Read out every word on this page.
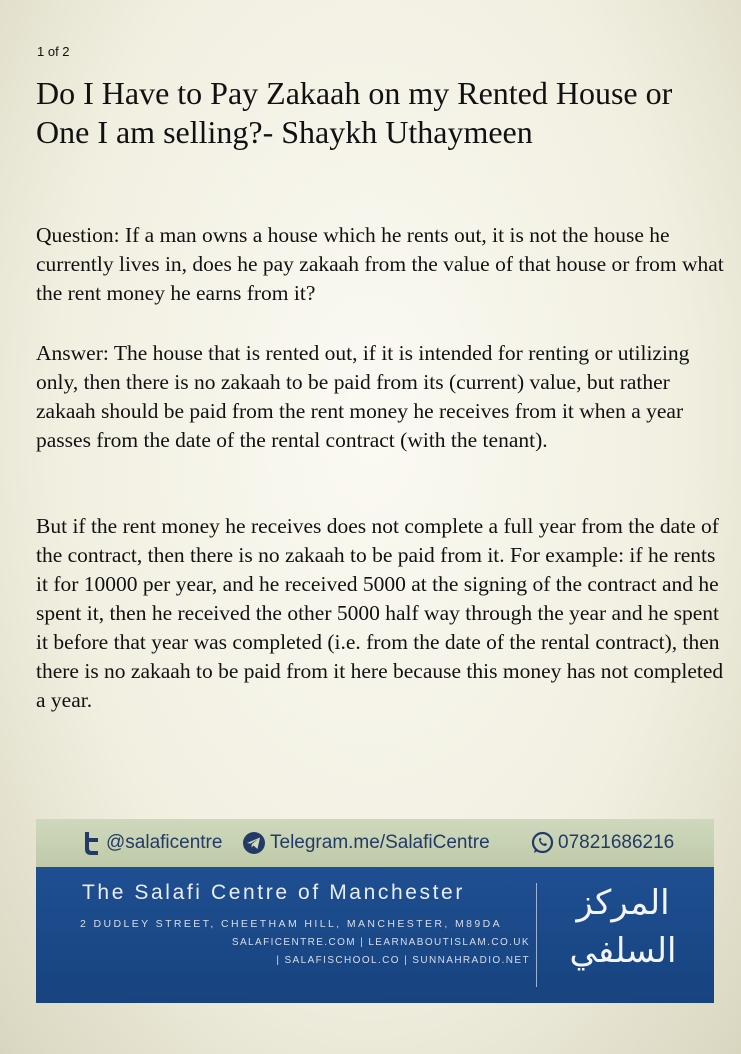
1 of 2
Do I Have to Pay Zakaah on my Rented House or One I am selling?- Shaykh Uthaymeen

Question: If a man owns a house which he rents out, it is not the house he currently lives in, does he pay zakaah from the value of that house or from what the rent money he earns from it?

Answer: The house that is rented out, if it is intended for renting or utilizing only, then there is no zakaah to be paid from its (current) value, but rather zakaah should be paid from the rent money he receives from it when a year passes from the date of the rental contract (with the tenant).

But if the rent money he receives does not complete a full year from the date of the contract, then there is no zakaah to be paid from it. For example: if he rents it for 10000 per year, and he received 5000 at the signing of the contract and he spent it, then he received the other 5000 half way through the year and he spent it before that year was completed (i.e. from the date of the rental contract), then there is no zakaah to be paid from it here because this money has not completed a year.

@salaficentre	Telegram.me/SalafiCentre	07821686216
The Salafi Centre of Manchester
2 DUDLEY STREET, CHEETHAM HILL, MANCHESTER, M89DA
SALAFICENTRE.COM | LEARNABOUTISLAM.CO.UK
| SALAFISCHOOL.CO | SUNNAHRADIO.NET
المركز
السلفي
